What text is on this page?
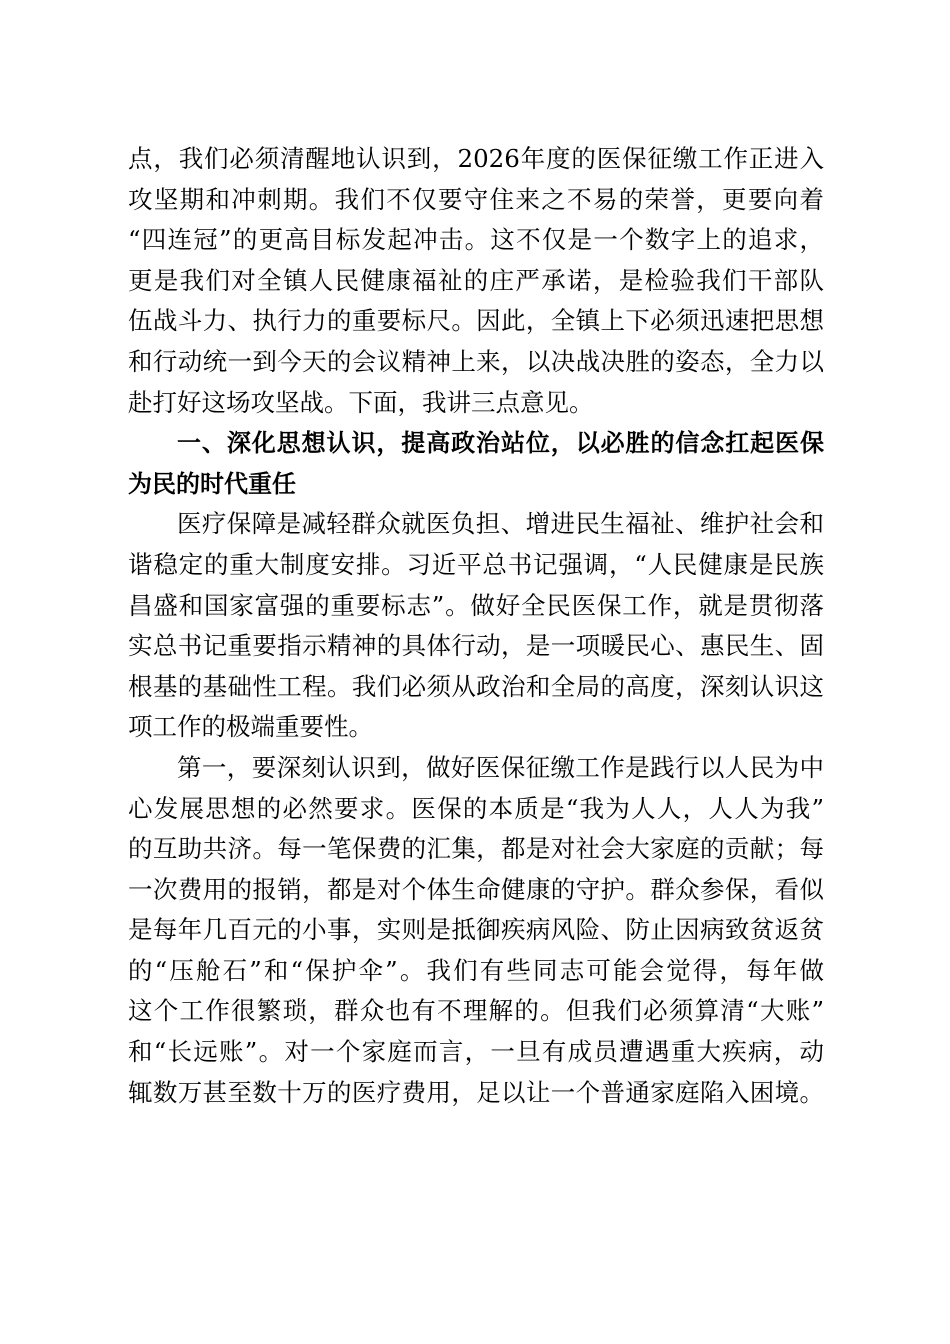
点，我们必须清醒地认识到，2026年度的医保征缴工作正进入
攻坚期和冲刺期。我们不仅要守住来之不易的荣誉，更要向着
“四连冠”的更高目标发起冲击。这不仅是一个数字上的追求，
更是我们对全镇人民健康福祉的庄严承诺，是检验我们干部队
伍战斗力、执行力的重要标尺。因此，全镇上下必须迅速把思想
和行动统一到今天的会议精神上来，以决战决胜的姿态，全力以
赴打好这场攻坚战。下面，我讲三点意见。
一、深化思想认识，提高政治站位，以必胜的信念扛起医保
为民的时代重任
医疗保障是减轻群众就医负担、增进民生福祉、维护社会和
谐稳定的重大制度安排。习近平总书记强调，“人民健康是民族
昌盛和国家富强的重要标志”。做好全民医保工作，就是贯彻落
实总书记重要指示精神的具体行动，是一项暖民心、惠民生、固
根基的基础性工程。我们必须从政治和全局的高度，深刻认识这
项工作的极端重要性。
第一，要深刻认识到，做好医保征缴工作是践行以人民为中
心发展思想的必然要求。医保的本质是“我为人人，人人为我”
的互助共济。每一笔保费的汇集，都是对社会大家庭的贡献；每
一次费用的报销，都是对个体生命健康的守护。群众参保，看似
是每年几百元的小事，实则是抵御疾病风险、防止因病致贫返贫
的“压舱石”和“保护伞”。我们有些同志可能会觉得，每年做
这个工作很繁琐，群众也有不理解的。但我们必须算清“大账”
和“长远账”。对一个家庭而言，一旦有成员遭遇重大疾病，动
辄数万甚至数十万的医疗费用，足以让一个普通家庭陷入困境。
